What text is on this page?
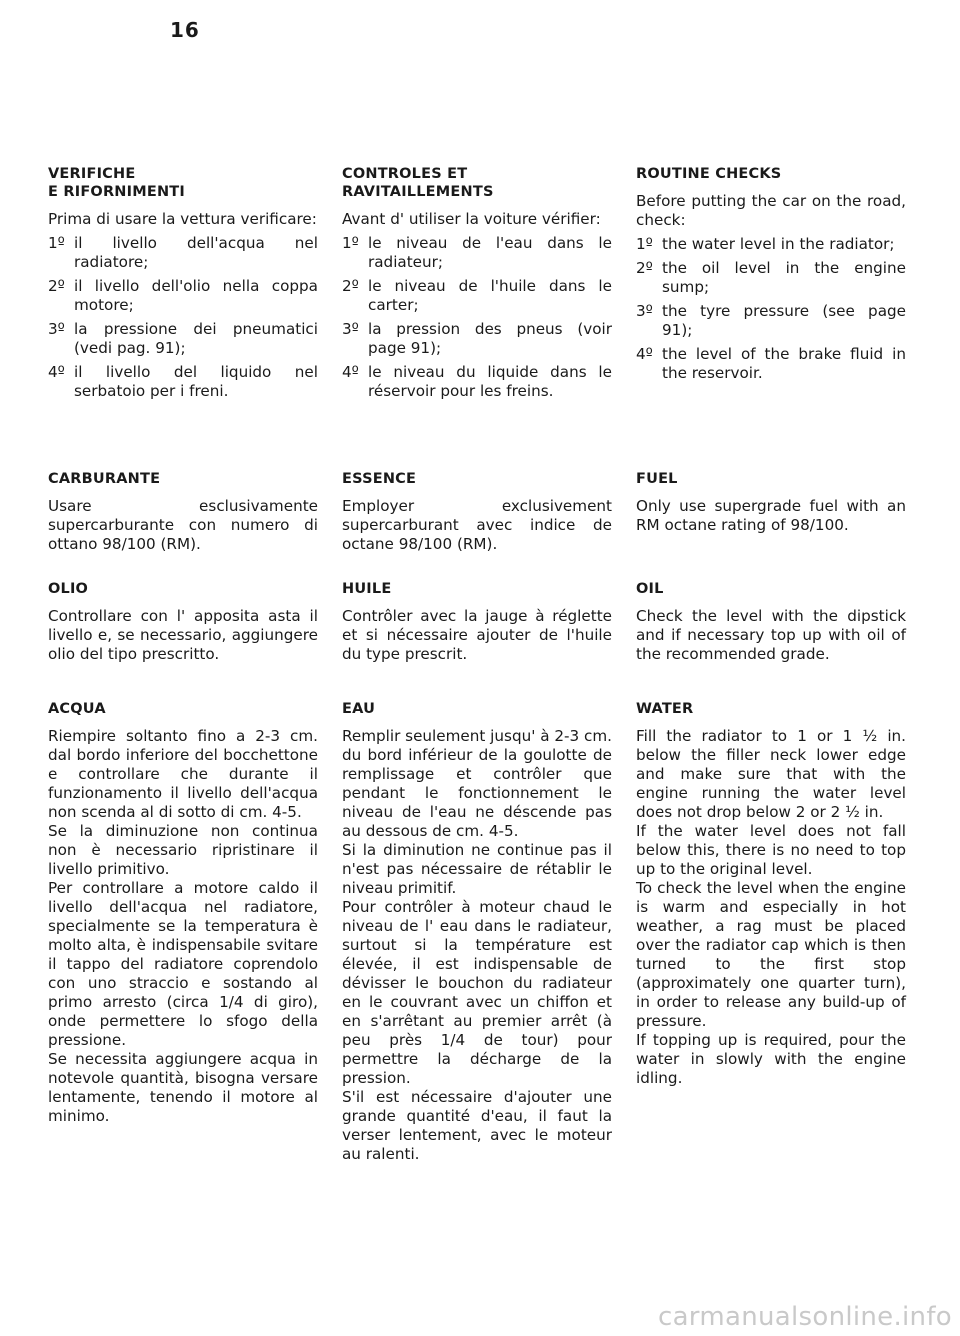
16
VERIFICHE
E RIFORNIMENTI
Prima di usare la vettura verificare:
1º il livello dell'acqua nel radiatore;
2º il livello dell'olio nella coppa motore;
3º la pressione dei pneumatici (vedi pag. 91);
4º il livello del liquido nel serbatoio per i freni.
CARBURANTE
Usare esclusivamente supercarburante con numero di ottano 98/100 (RM).
OLIO
Controllare con l' apposita asta il livello e, se necessario, aggiungere olio del tipo prescritto.
ACQUA
Riempire soltanto fino a 2-3 cm. dal bordo inferiore del bocchettone e controllare che durante il funzionamento il livello dell'acqua non scenda al di sotto di cm. 4-5.
Se la diminuzione non continua non è necessario ripristinare il livello primitivo.
Per controllare a motore caldo il livello dell'acqua nel radiatore, specialmente se la temperatura è molto alta, è indispensabile svitare il tappo del radiatore coprendolo con uno straccio e sostando al primo arresto (circa 1/4 di giro), onde permettere lo sfogo della pressione.
Se necessita aggiungere acqua in notevole quantità, bisogna versare lentamente, tenendo il motore al minimo.
CONTROLES ET
RAVITAILLEMENTS
Avant d' utiliser la voiture vérifier:
1º le niveau de l'eau dans le radiateur;
2º le niveau de l'huile dans le carter;
3º la pression des pneus (voir page 91);
4º le niveau du liquide dans le réservoir pour les freins.
ESSENCE
Employer exclusivement supercarburant avec indice de octane 98/100 (RM).
HUILE
Contrôler avec la jauge à réglette et si nécessaire ajouter de l'huile du type prescrit.
EAU
Remplir seulement jusqu' à 2-3 cm. du bord inférieur de la goulotte de remplissage et contrôler que pendant le fonctionnement le niveau de l'eau ne déscende pas au dessous de cm. 4-5.
Si la diminution ne continue pas il n'est pas nécessaire de rétablir le niveau primitif.
Pour contrôler à moteur chaud le niveau de l' eau dans le radiateur, surtout si la température est élevée, il est indispensable de dévisser le bouchon du radiateur en le couvrant avec un chiffon et en s'arrêtant au premier arrêt (à peu près 1/4 de tour) pour permettre la décharge de la pression.
S'il est nécessaire d'ajouter une grande quantité d'eau, il faut la verser lentement, avec le moteur au ralenti.
ROUTINE CHECKS
Before putting the car on the road, check:
1º the water level in the radiator;
2º the oil level in the engine sump;
3º the tyre pressure (see page 91);
4º the level of the brake fluid in the reservoir.
FUEL
Only use supergrade fuel with an RM octane rating of 98/100.
OIL
Check the level with the dipstick and if necessary top up with oil of the recommended grade.
WATER
Fill the radiator to 1 or 1 ½ in. below the filler neck lower edge and make sure that with the engine running the water level does not drop below 2 or 2 ½ in.
If the water level does not fall below this, there is no need to top up to the original level.
To check the level when the engine is warm and especially in hot weather, a rag must be placed over the radiator cap which is then turned to the first stop (approximately one quarter turn), in order to release any build-up of pressure.
If topping up is required, pour the water in slowly with the engine idling.
carmanualsonline.info
